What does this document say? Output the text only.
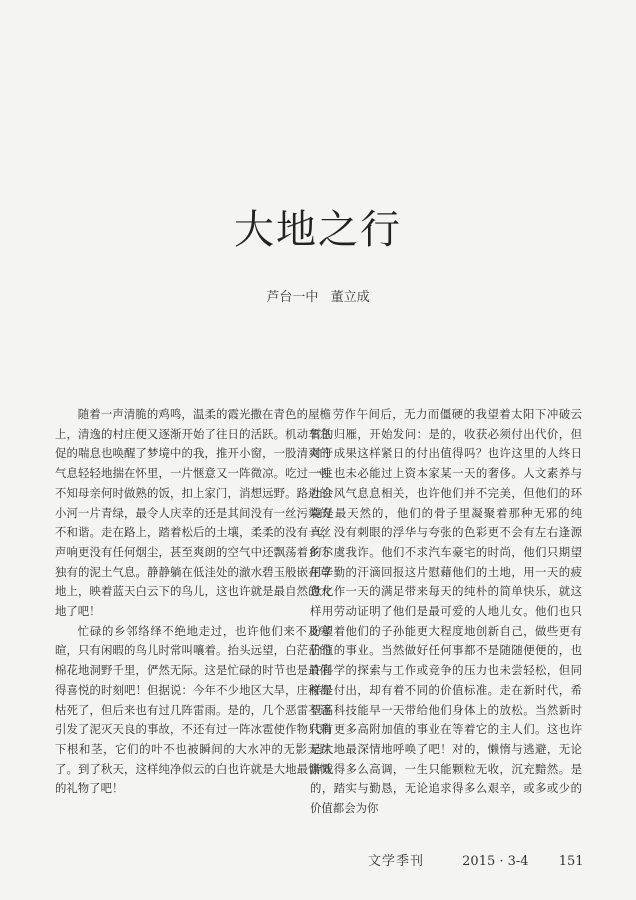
大地之行
芦台一中 董立成

随着一声清脆的鸡鸣，温柔的霞光撒在青色的屋檐上，清逸的村庄便又逐渐开始了往日的活跃。机动车急促的喘息也唤醒了梦境中的我，推开小窗，一股清爽的气息轻轻地揣在怀里，一片惬意又一阵微凉。吃过一顿不知母亲何时做熟的饭，扣上家门，消想远野。路边的小河一片青绿，最令人庆幸的还是其间没有一丝污染的不和谐。走在路上，踏着松后的土壤，柔柔的没有一丝声响更没有任何烟尘，甚至爽朗的空气中还飘荡着乡下独有的泥土气息。静静躺在低洼处的澈水碧玉般嵌在草地上，映着蓝天白云下的鸟儿，这也许就是最自然的大地了吧！

忙碌的乡邻络绎不绝地走过，也许他们来不及寒暄，只有闲暇的鸟儿时常叫嚷着。抬头远望，白茫茫的棉花地洞野千里，俨然无际。这是忙碌的时节也是最值得喜悦的时刻吧！但据说：今年不少地区大旱，庄稼都枯死了，但后来也有过几阵雷雨。是的，几个恶雷不逐引发了泥灭天良的事故，不还有过一阵冰雹使作物只剩下根和茎，它们的叶不也被瞬间的大水冲的无影无踪了。到了秋天，这样纯净似云的白也许就是大地最慷慨的礼物了吧！

劳作午间后，无力而僵硬的我望着太阳下冲破云霄的归雁，开始发问：是的，收获必须付出代价，但对于成果这样紧日的付出值得吗？也许这里的人终日一生也未必能过上资本家某一天的奢侈。人文素养与社会风气息息相关，也许他们并不完美，但他们的环境是最天然的，他们的骨子里凝聚着那种无邪的纯真，没有刺眼的浮华与夸张的色彩更不会有左右逢源的尔虞我诈。他们不求汽车豪宅的时尚，他们只期望用辛勤的汗滴回报这片慰藉他们的土地，用一天的疲惫化作一天的满足带来每天的纯朴的简单快乐，就这样用劳动证明了他们是最可爱的人地儿女。他们也只盼望着他们的子孙能更大程度地创新自己，做些更有价值的事业。当然做好任何事都不是随随便便的，也许科学的探索与工作或竞争的压力也未尝轻松，但同样是付出，却有着不同的价值标准。走在新时代，希望高科技能早一天带给他们身体上的放松。当然新时代有更多高附加值的事业在等着它的主人们。这也许是大地最深情地呼唤了吧！对的，懒惰与逃避，无论游戏得多么高调，一生只能颗粒无收，沉充黯然。是的，踏实与勤恳，无论追求得多么艰辛，或多或少的价值都会为你

文学季刊	2015 · 3-4 151
